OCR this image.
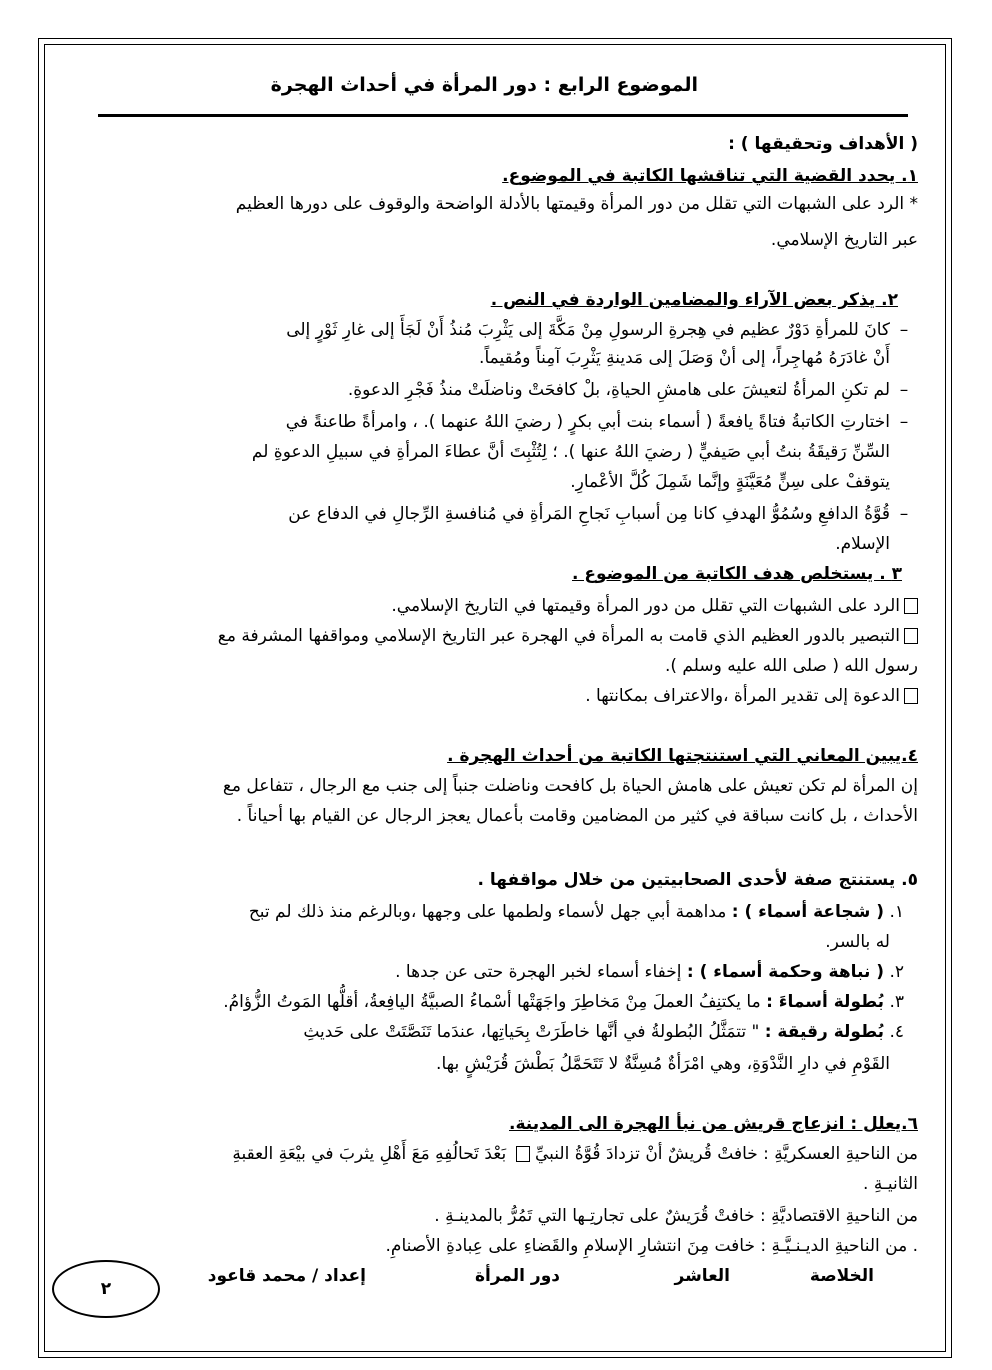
الموضوع الرابع : دور المرأة في أحداث الهجرة
( الأهداف وتحقيقها ) :
١. يحدد القضية التي تناقشها الكاتبة في الموضوع.
* الرد على الشبهات التي تقلل من دور المرأة وقيمتها بالأدلة الواضحة والوقوف على دورها العظيم
عبر التاريخ الإسلامي.
٢. يذكر بعض الآراء والمضامين الواردة في النص .
–كانَ للمرأةِ دَوْرٌ عظيم في هِجرةِ الرسولِ مِنْ مَكَّةَ إلى يَثْرِبَ مُنذُ أَنْ لَجَأَ إلى غارِ ثَوْرٍ إلى
أَنْ غادَرَهُ مُهاجِراً، إلى أنْ وَصَلَ إلى مَدينةِ يَثْرِبَ آمِناً ومُقيماً.
–لم تكنِ المرأةُ لتعيشَ على هامشِ الحياةِ، بلْ كافحَتْ وناضلَتْ منذُ فَجْرِ الدعوةِ.
–اختارتِ الكاتبةُ فتاةً يافعةً ( أسماء بنت أبي بكرٍ ( رضيَ اللهُ عنهما ). ، وامرأةً طاعنةً في
السِّنِّ رَقيقَةُ بنتُ أبي صَيفيٍّ ( رضيَ اللهُ عنها ). ؛ لِتُثْبِتَ أنَّ عطاءَ المرأةِ في سبيلِ الدعوةِ لم
يتوقفْ على سِنٍّ مُعَيَّنَةٍ وإنَّما شَمِلَ كُلَّ الأعْمارِ.
–قُوَّةُ الدافعِ وسُمُوُّ الهدفِ كانا مِن أسبابِ نَجاحِ المَرأةِ في مُنافسةِ الرِّجالِ في الدفاع عن
الإسلام.
٣ . يستخلص هدف الكاتبة من الموضوع .
الرد على الشبهات التي تقلل من دور المرأة وقيمتها في التاريخ الإسلامي.
التبصير بالدور العظيم الذي قامت به المرأة في الهجرة عبر التاريخ الإسلامي ومواقفها المشرفة مع
رسول الله ( صلى الله عليه وسلم ).
الدعوة إلى تقدير المرأة ،والاعتراف بمكانتها .
٤.يبين المعاني التي استنتجتها الكاتبة من أحداث الهجرة .
إن المرأة لم تكن تعيش على هامش الحياة بل كافحت وناضلت جنباً إلى جنب مع الرجال ، تتفاعل مع
الأحداث ، بل كانت سباقة في كثير من المضامين وقامت بأعمال يعجز الرجال عن القيام بها أحياناً .
٥. يستنتج صفة لأحدى الصحابيتين من خلال مواقفها .
١. ( شجاعة أسماء ) : مداهمة أبي جهل لأسماء ولطمها على وجهها ،وبالرغم منذ ذلك لم تبح
له بالسر.
٢. ( نباهة وحكمة أسماء ) : إخفاء أسماء لخبر الهجرة حتى عن جدها .
٣. بُطولة أسماءَ : ما يكتنِفُ العملَ مِنْ مَخاطِرَ واجَهَتْها أسْماءُ الصبيَّةُ اليافِعةُ، أقلُّها المَوتُ الزُّؤامُ.
٤. بُطولة رقيقة : " تتمَثَّلُ البُطولةُ في أنَّها خاطَرَتْ بِحَياتِها، عندَما تَنَصَّتَتْ على حَديثِ
القَوْمِ في دارِ النَّدْوَةِ، وهي امْرَأةٌ مُسِنَّةٌ لا تَتَحَمَّلُ بَطْشَ قُرَيْشٍ بها.
٦.يعلل : انزعاج قريش من نبأ الهجرة الى المدينة.
من الناحيةِ العسكريَّةِ : خافتْ قُريشٌ أنْ تزدادَ قُوَّةُ النبيِّ  بَعْدَ تَحالُفِهِ مَعَ أَهْلِ يثربَ في بيْعَةِ العقبةِ
الثانيـةِ .
من الناحيةِ الاقتصاديَّةِ : خافتْ قُرَيشٌ على تجارتِـها التي تَمُرُّ بالمدينـةِ .
. من الناحيةِ الديـنـيَّـةِ : خافت مِنَ انتشارِ الإسلامِ والقَضاءِ على عِبادةِ الأصنامِ.
الخلاصة
العاشر
دور المرأة
إعداد / محمد قاعود
٢
